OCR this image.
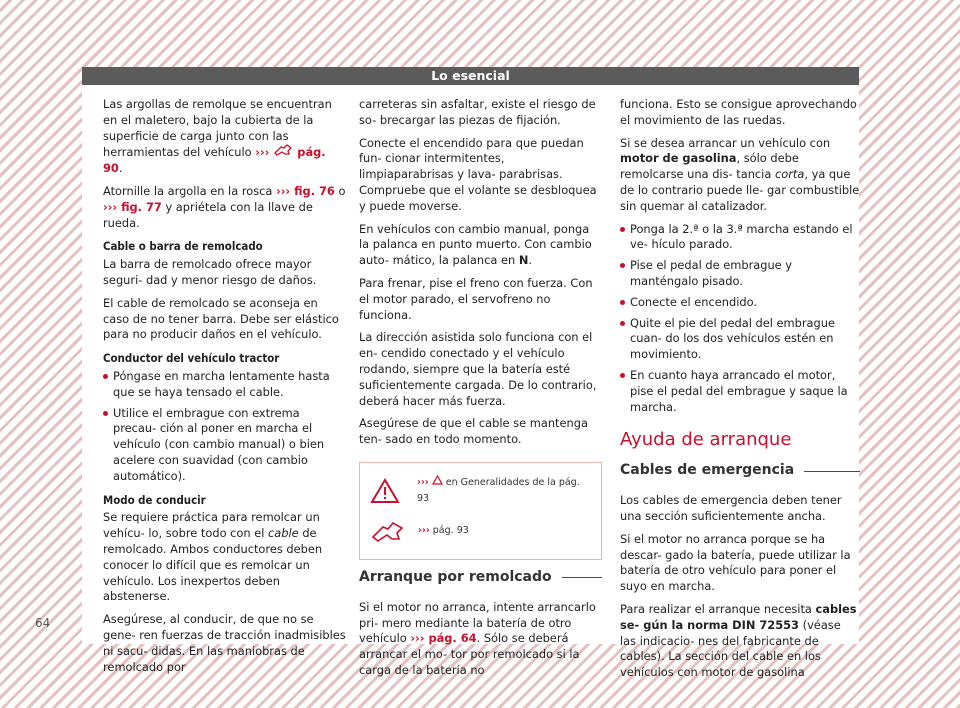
Lo esencial

Las argollas de remolque se encuentran en el maletero, bajo la cubierta de la superficie de carga junto con las herramientas del vehículo ››› pág. 90.

Atornille la argolla en la rosca ››› fig. 76 o ››› fig. 77 y apriétela con la llave de rueda.

Cable o barra de remolcado

La barra de remolcado ofrece mayor seguri- dad y menor riesgo de daños.

El cable de remolcado se aconseja en caso de no tener barra. Debe ser elástico para no producir daños en el vehículo.

Conductor del vehículo tractor
Póngase en marcha lentamente hasta que se haya tensado el cable.
Utilice el embrague con extrema precau- ción al poner en marcha el vehículo (con cambio manual) o bien acelere con suavidad (con cambio automático).
Modo de conducir

Se requiere práctica para remolcar un vehícu- lo, sobre todo con el cable de remolcado. Ambos conductores deben conocer lo difícil que es remolcar un vehículo. Los inexpertos deben abstenerse.

Asegúrese, al conducir, de que no se gene- ren fuerzas de tracción inadmisibles ni sacu- didas. En las maniobras de remolcado por

carreteras sin asfaltar, existe el riesgo de so- brecargar las piezas de fijación.

Conecte el encendido para que puedan fun- cionar intermitentes, limpiaparabrisas y lava- parabrisas. Compruebe que el volante se desbloquea y puede moverse.

En vehículos con cambio manual, ponga la palanca en punto muerto. Con cambio auto- mático, la palanca en N.

Para frenar, pise el freno con fuerza. Con el motor parado, el servofreno no funciona.

La dirección asistida solo funciona con el en- cendido conectado y el vehículo rodando, siempre que la batería esté suficientemente cargada. De lo contrario, deberá hacer más fuerza.

Asegúrese de que el cable se mantenga ten- sado en todo momento.

››› en Generalidades de la pág. 93
››› pág. 93
Arranque por remolcado

Si el motor no arranca, intente arrancarlo pri- mero mediante la batería de otro vehículo ››› pág. 64. Sólo se deberá arrancar el mo- tor por remolcado si la carga de la batería no

funciona. Esto se consigue aprovechando el movimiento de las ruedas.

Si se desea arrancar un vehículo con motor de gasolina, sólo debe remolcarse una dis- tancia corta, ya que de lo contrario puede lle- gar combustible sin quemar al catalizador.

Ponga la 2.ª o la 3.ª marcha estando el ve- hículo parado.
Pise el pedal de embrague y manténgalo pisado.
Conecte el encendido.
Quite el pie del pedal del embrague cuan- do los dos vehículos estén en movimiento.
En cuanto haya arrancado el motor, pise el pedal del embrague y saque la marcha.
Ayuda de arranque
Cables de emergencia

Los cables de emergencia deben tener una sección suficientemente ancha.

Si el motor no arranca porque se ha descar- gado la batería, puede utilizar la batería de otro vehículo para poner el suyo en marcha.

Para realizar el arranque necesita cables se- gún la norma DIN 72553 (véase las indicacio- nes del fabricante de cables). La sección del cable en los vehículos con motor de gasolina

64
